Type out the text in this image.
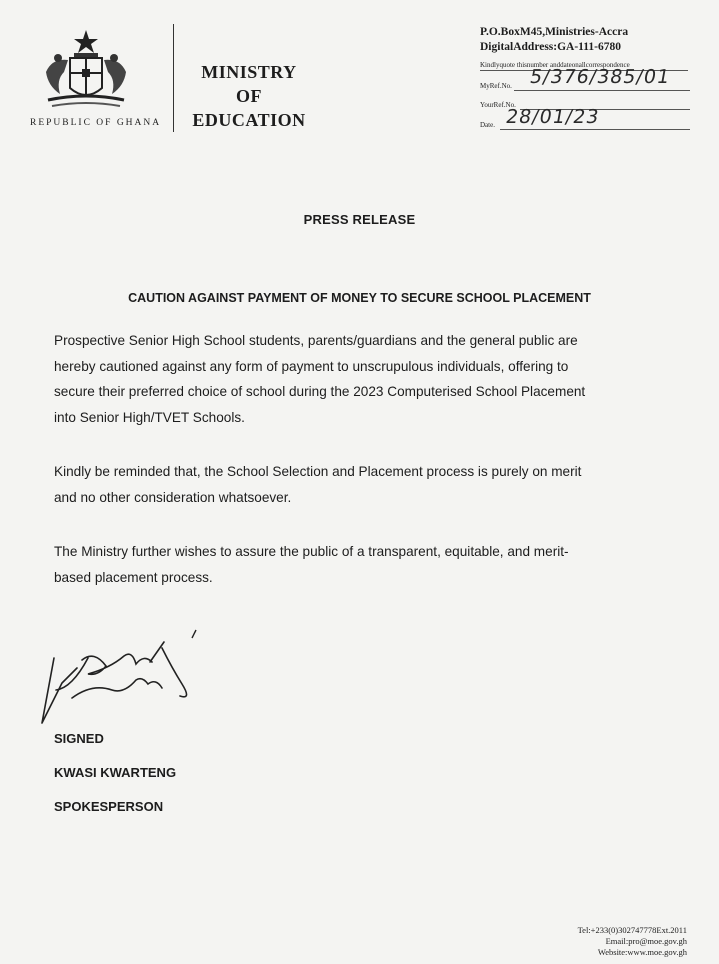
REPUBLIC OF GHANA
MINISTRY
OF
EDUCATION
P.O.BoxM45,Ministries-Accra
DigitalAddress:GA-111-6780
Kindlyquote thisnumber anddateonallcorrespondence
MyRef.No. 5/376/385/01
YourRef.No.
Date. 28/01/23
PRESS RELEASE
CAUTION AGAINST PAYMENT OF MONEY TO SECURE SCHOOL PLACEMENT
Prospective Senior High School students, parents/guardians and the general public are
hereby cautioned against any form of payment to unscrupulous individuals, offering to
secure their preferred choice of school during the 2023 Computerised School Placement
into Senior High/TVET Schools.
Kindly be reminded that, the School Selection and Placement process is purely on merit
and no other consideration whatsoever.
The Ministry further wishes to assure the public of a transparent, equitable, and merit-
based placement process.
SIGNED
KWASI KWARTENG
SPOKESPERSON
Tel:+233(0)302747778Ext.2011
Email:pro@moe.gov.gh
Website:www.moe.gov.gh
